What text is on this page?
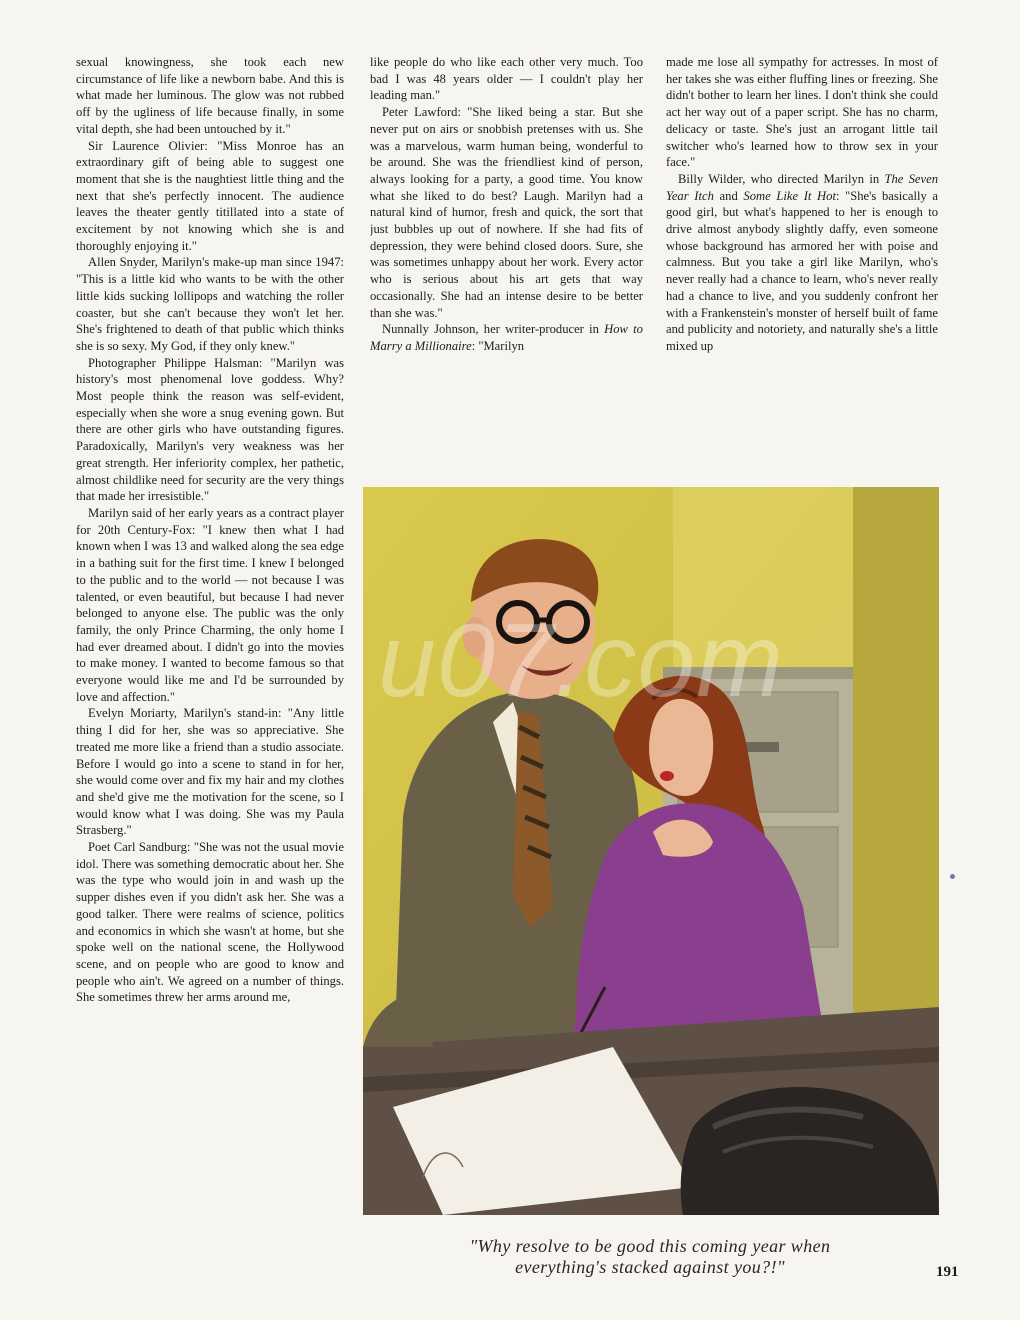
sexual knowingness, she took each new circumstance of life like a newborn babe. And this is what made her luminous. The glow was not rubbed off by the ugliness of life because finally, in some vital depth, she had been untouched by it."

Sir Laurence Olivier: "Miss Monroe has an extraordinary gift of being able to suggest one moment that she is the naughtiest little thing and the next that she's perfectly innocent. The audience leaves the theater gently titillated into a state of excitement by not knowing which she is and thoroughly enjoying it."

Allen Snyder, Marilyn's make-up man since 1947: "This is a little kid who wants to be with the other little kids sucking lollipops and watching the roller coaster, but she can't because they won't let her. She's frightened to death of that public which thinks she is so sexy. My God, if they only knew."

Photographer Philippe Halsman: "Marilyn was history's most phenomenal love goddess. Why? Most people think the reason was self-evident, especially when she wore a snug evening gown. But there are other girls who have outstanding figures. Paradoxically, Marilyn's very weakness was her great strength. Her inferiority complex, her pathetic, almost childlike need for security are the very things that made her irresistible."

Marilyn said of her early years as a contract player for 20th Century-Fox: "I knew then what I had known when I was 13 and walked along the sea edge in a bathing suit for the first time. I knew I belonged to the public and to the world — not because I was talented, or even beautiful, but because I had never belonged to anyone else. The public was the only family, the only Prince Charming, the only home I had ever dreamed about. I didn't go into the movies to make money. I wanted to become famous so that everyone would like me and I'd be surrounded by love and affection."

Evelyn Moriarty, Marilyn's stand-in: "Any little thing I did for her, she was so appreciative. She treated me more like a friend than a studio associate. Before I would go into a scene to stand in for her, she would come over and fix my hair and my clothes and she'd give me the motivation for the scene, so I would know what I was doing. She was my Paula Strasberg."

Poet Carl Sandburg: "She was not the usual movie idol. There was something democratic about her. She was the type who would join in and wash up the supper dishes even if you didn't ask her. She was a good talker. There were realms of science, politics and economics in which she wasn't at home, but she spoke well on the national scene, the Hollywood scene, and on people who are good to know and people who ain't. We agreed on a number of things. She sometimes threw her arms around me,

like people do who like each other very much. Too bad I was 48 years older — I couldn't play her leading man."

Peter Lawford: "She liked being a star. But she never put on airs or snobbish pretenses with us. She was a marvelous, warm human being, wonderful to be around. She was the friendliest kind of person, always looking for a party, a good time. You know what she liked to do best? Laugh. Marilyn had a natural kind of humor, fresh and quick, the sort that just bubbles up out of nowhere. If she had fits of depression, they were behind closed doors. Sure, she was sometimes unhappy about her work. Every actor who is serious about his art gets that way occasionally. She had an intense desire to be better than she was."

Nunnally Johnson, her writer-producer in How to Marry a Millionaire: "Marilyn

made me lose all sympathy for actresses. In most of her takes she was either fluffing lines or freezing. She didn't bother to learn her lines. I don't think she could act her way out of a paper script. She has no charm, delicacy or taste. She's just an arrogant little tail switcher who's learned how to throw sex in your face."

Billy Wilder, who directed Marilyn in The Seven Year Itch and Some Like It Hot: "She's basically a good girl, but what's happened to her is enough to drive almost anybody slightly daffy, even someone whose background has armored her with poise and calmness. But you take a girl like Marilyn, who's never really had a chance to learn, who's never really had a chance to live, and you suddenly confront her with a Frankenstein's monster of herself built of fame and publicity and notoriety, and naturally she's a little mixed up

u07.com
"Why resolve to be good this coming year when
everything's stacked against you?!"	191
